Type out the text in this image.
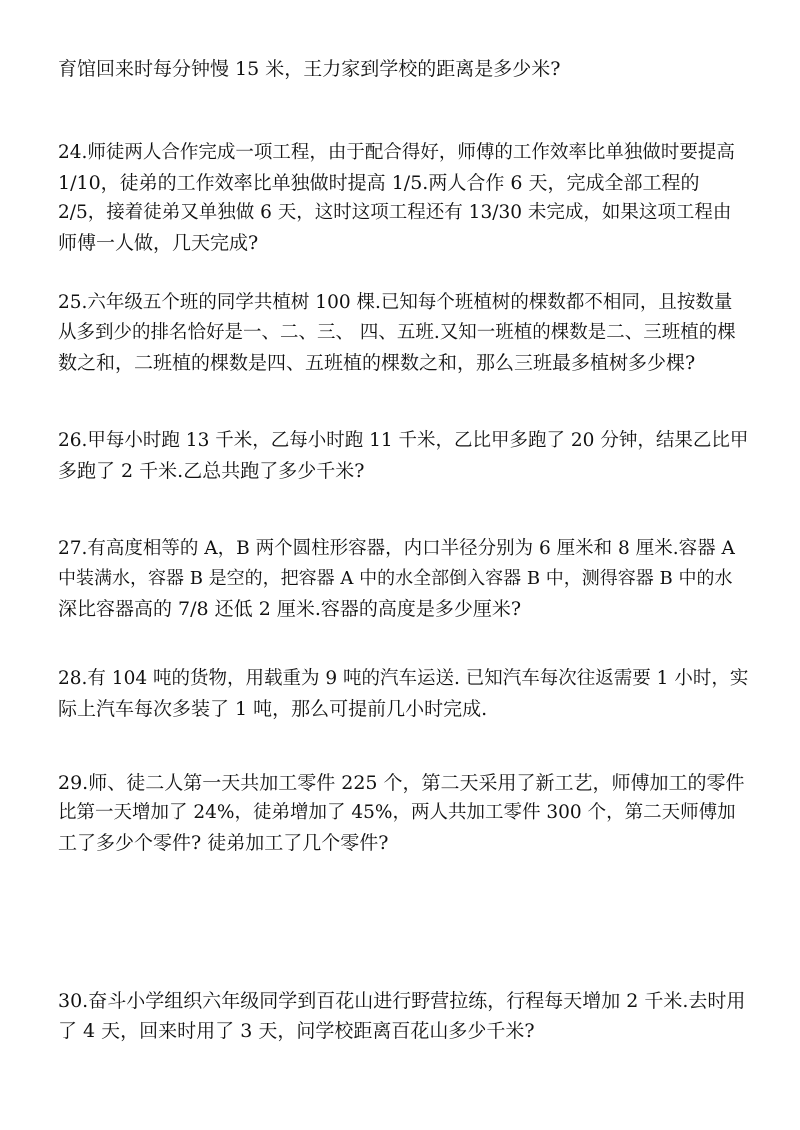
育馆回来时每分钟慢 15 米，王力家到学校的距离是多少米?
24.师徒两人合作完成一项工程，由于配合得好，师傅的工作效率比单独做时要提高
1/10，徒弟的工作效率比单独做时提高 1/5.两人合作 6 天，完成全部工程的
2/5，接着徒弟又单独做 6 天，这时这项工程还有 13/30 未完成，如果这项工程由
师傅一人做，几天完成?
25.六年级五个班的同学共植树 100 棵.已知每个班植树的棵数都不相同，且按数量
从多到少的排名恰好是一、二、三、 四、五班.又知一班植的棵数是二、三班植的棵
数之和，二班植的棵数是四、五班植的棵数之和，那么三班最多植树多少棵?
26.甲每小时跑 13 千米，乙每小时跑 11 千米，乙比甲多跑了 20 分钟，结果乙比甲
多跑了 2 千米.乙总共跑了多少千米?
27.有高度相等的 A，B 两个圆柱形容器，内口半径分别为 6 厘米和 8 厘米.容器 A
中装满水，容器 B 是空的，把容器 A 中的水全部倒入容器 B 中，测得容器 B 中的水
深比容器高的 7/8 还低 2 厘米.容器的高度是多少厘米?
28.有 104 吨的货物，用载重为 9 吨的汽车运送. 已知汽车每次往返需要 1 小时，实
际上汽车每次多装了 1 吨，那么可提前几小时完成.
29.师、徒二人第一天共加工零件 225 个，第二天采用了新工艺，师傅加工的零件
比第一天增加了 24%，徒弟增加了 45%，两人共加工零件 300 个，第二天师傅加
工了多少个零件? 徒弟加工了几个零件?
30.奋斗小学组织六年级同学到百花山进行野营拉练，行程每天增加 2 千米.去时用
了 4 天，回来时用了 3 天，问学校距离百花山多少千米?
